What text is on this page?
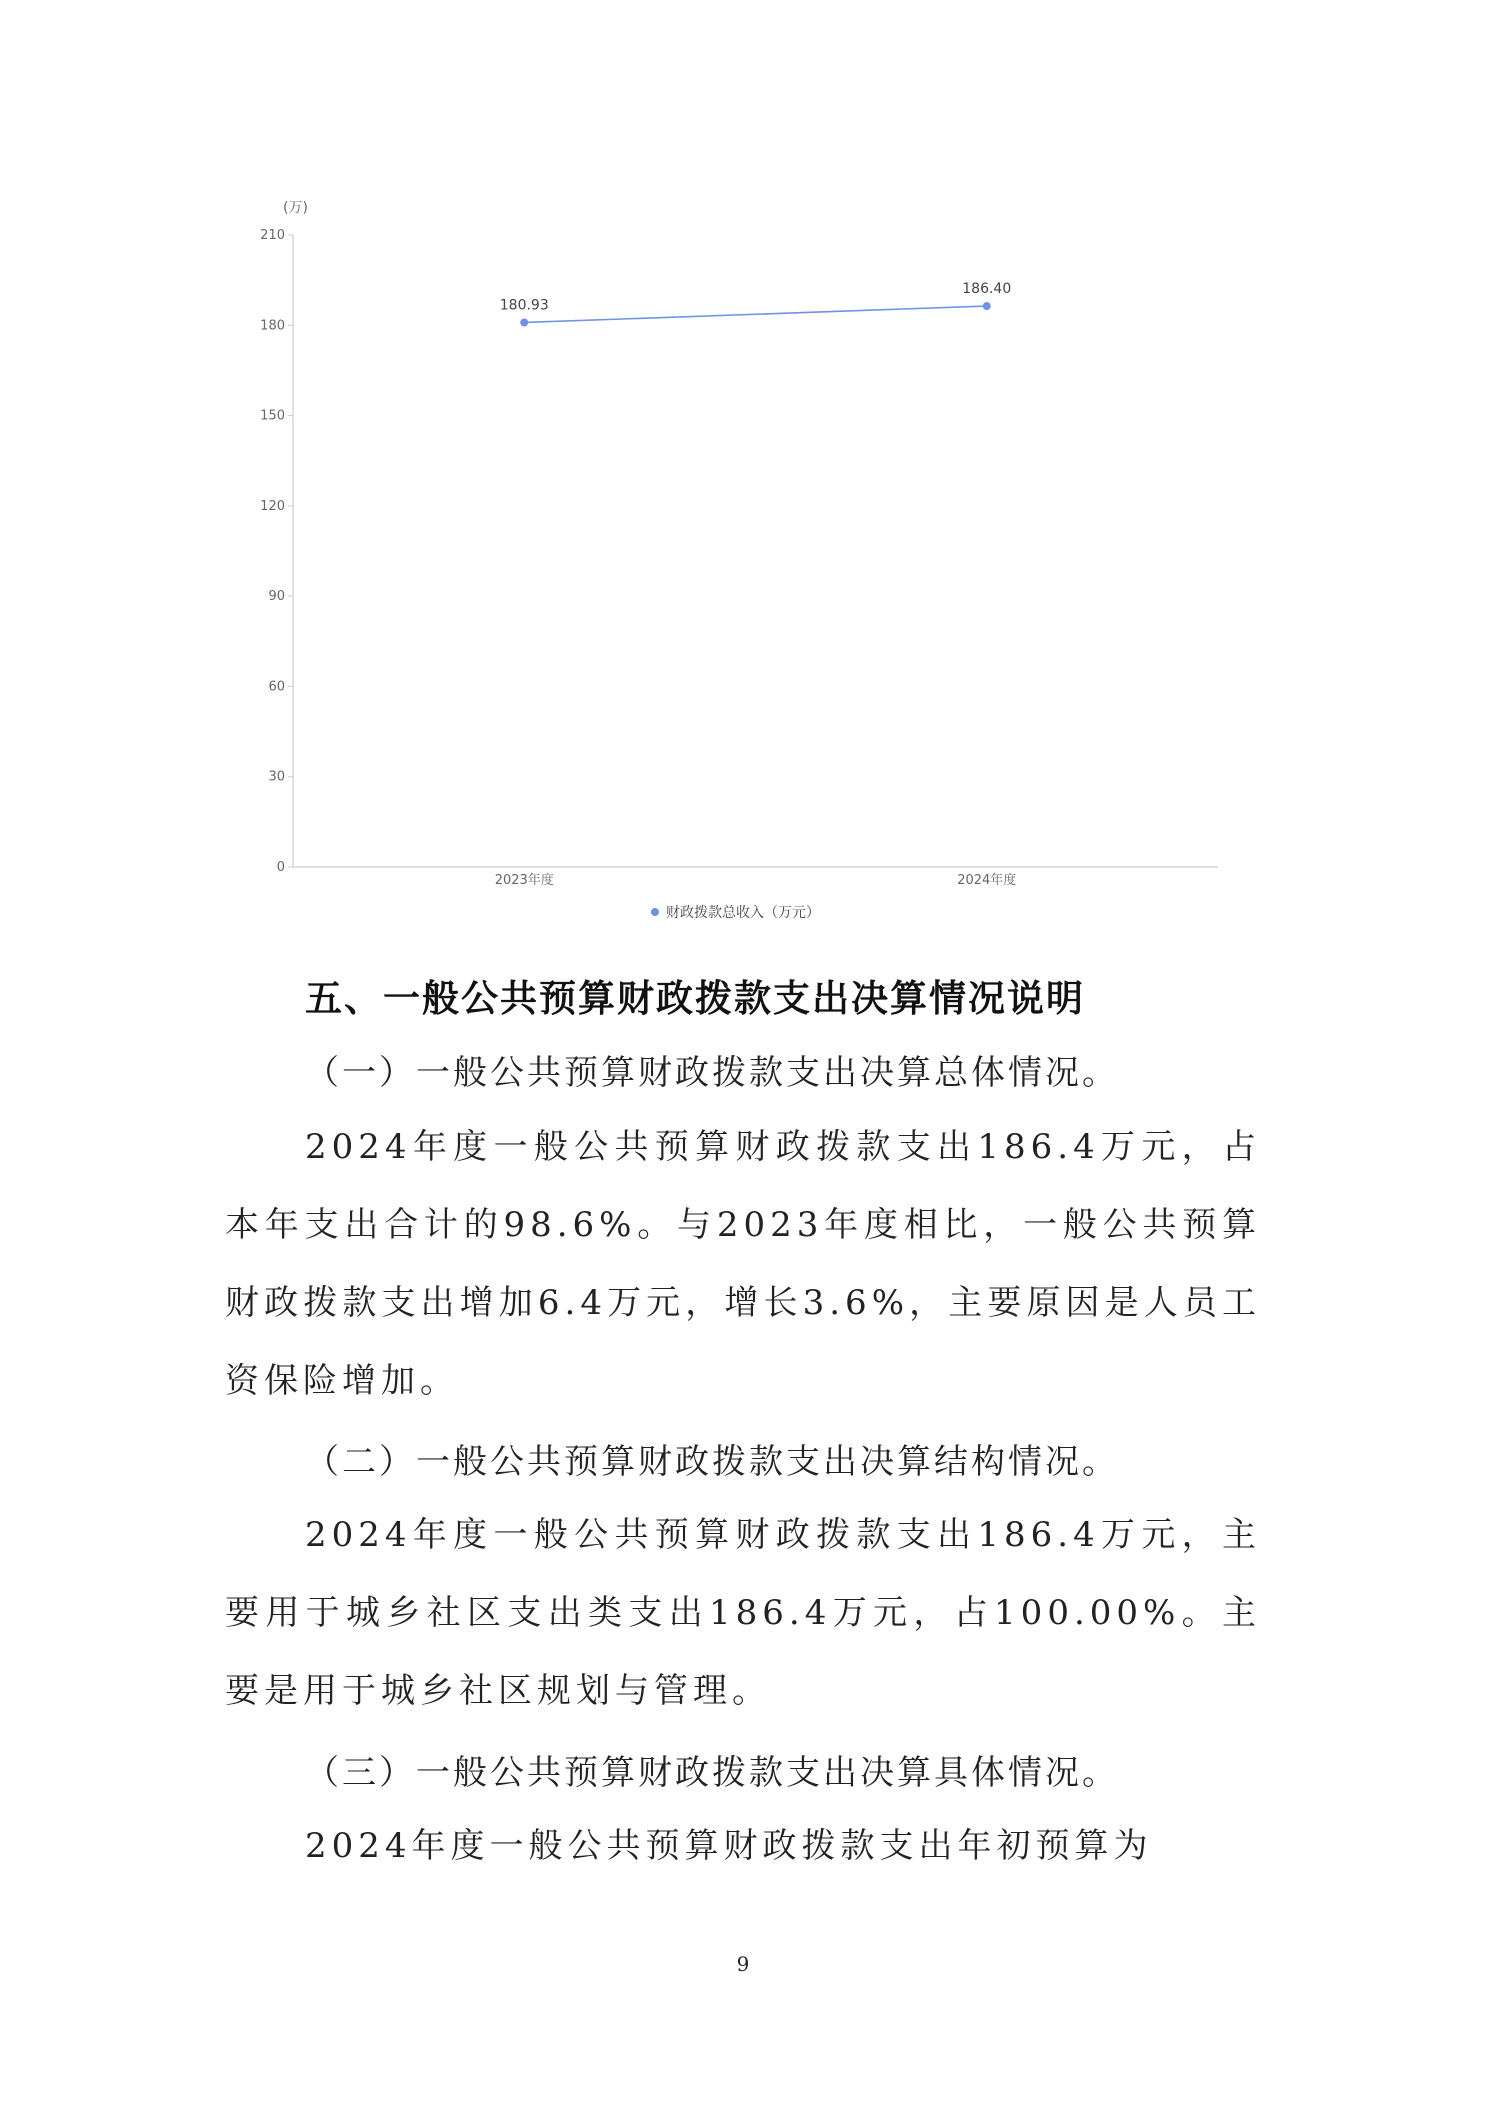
(万)
0
30
60
90
120
150
180
210
2023年度	2024年度
180.93
186.40
财政拨款总收入（万元）
五、一般公共预算财政拨款支出决算情况说明
（一）一般公共预算财政拨款支出决算总体情况。
2024年度一般公共预算财政拨款支出186.4万元，占本年支出合计的98.6%。与2023年度相比，一般公共预算财政拨款支出增加6.4万元，增长3.6%，主要原因是人员工资保险增加。
（二）一般公共预算财政拨款支出决算结构情况。
2024年度一般公共预算财政拨款支出186.4万元，主要用于城乡社区支出类支出186.4万元，占100.00%。主要是用于城乡社区规划与管理。
（三）一般公共预算财政拨款支出决算具体情况。
2024年度一般公共预算财政拨款支出年初预算为
9
